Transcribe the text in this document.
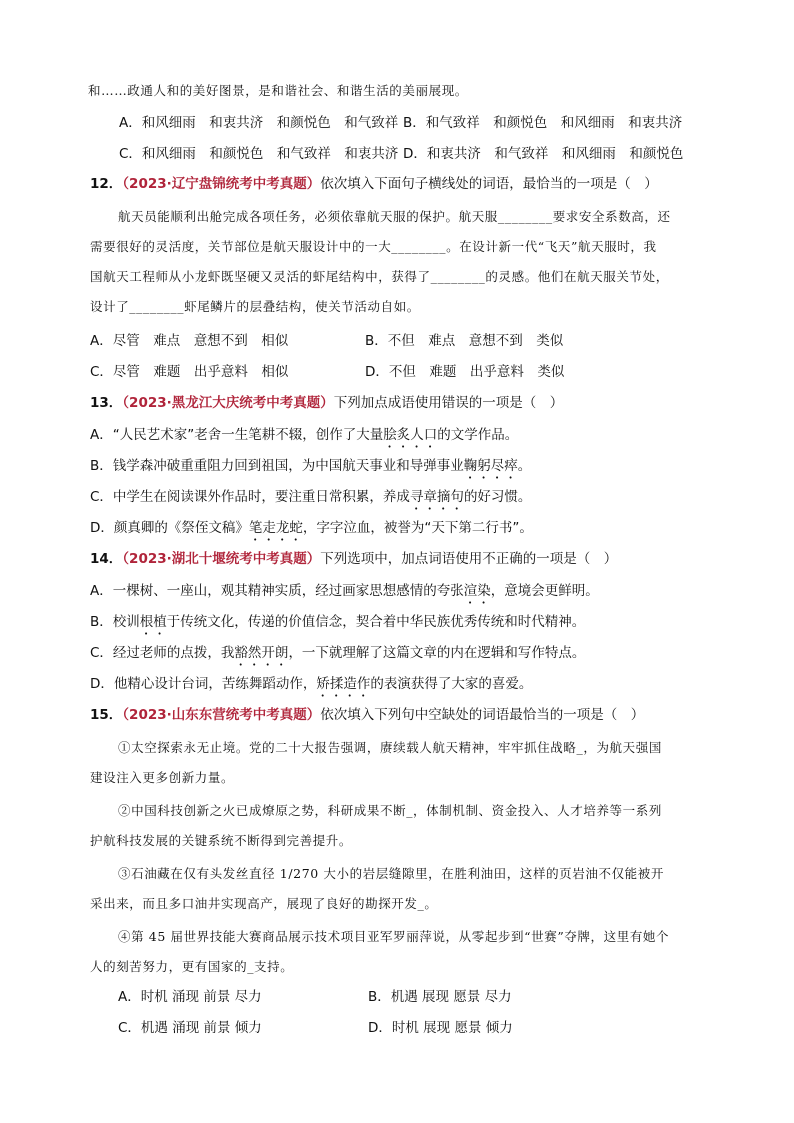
和……政通人和的美好图景，是和谐社会、和谐生活的美丽展现。
A．和风细雨　和衷共济　和颜悦色　和气致祥 B．和气致祥　和颜悦色　和风细雨　和衷共济
C．和风细雨　和颜悦色　和气致祥　和衷共济 D．和衷共济　和气致祥　和风细雨　和颜悦色
12．（2023·辽宁盘锦统考中考真题）依次填入下面句子横线处的词语，最恰当的一项是（　）
航天员能顺利出舱完成各项任务，必须依靠航天服的保护。航天服________要求安全系数高，还
需要很好的灵活度，关节部位是航天服设计中的一大________。在设计新一代“飞天”航天服时，我
国航天工程师从小龙虾既坚硬又灵活的虾尾结构中，获得了________的灵感。他们在航天服关节处，
设计了________虾尾鳞片的层叠结构，使关节活动自如。
A．尽管　难点　意想不到　相似	B．不但　难点　意想不到　类似
C．尽管　难题　出乎意料　相似	D．不但　难题　出乎意料　类似
13．（2023·黑龙江大庆统考中考真题）下列加点成语使用错误的一项是（　）
A．“人民艺术家”老舍一生笔耕不辍，创作了大量脍炙人口的文学作品。
B．钱学森冲破重重阻力回到祖国，为中国航天事业和导弹事业鞠躬尽瘁。
C．中学生在阅读课外作品时，要注重日常积累，养成寻章摘句的好习惯。
D．颜真卿的《祭侄文稿》笔走龙蛇，字字泣血，被誉为“天下第二行书”。
14．（2023·湖北十堰统考中考真题）下列选项中，加点词语使用不正确的一项是（　）
A．一棵树、一座山，观其精神实质，经过画家思想感情的夸张渲染，意境会更鲜明。
B．校训根植于传统文化，传递的价值信念，契合着中华民族优秀传统和时代精神。
C．经过老师的点拨，我豁然开朗，一下就理解了这篇文章的内在逻辑和写作特点。
D．他精心设计台词，苦练舞蹈动作，矫揉造作的表演获得了大家的喜爱。
15．（2023·山东东营统考中考真题）依次填入下列句中空缺处的词语最恰当的一项是（　）
①太空探索永无止境。党的二十大报告强调，赓续载人航天精神，牢牢抓住战略_，为航天强国
建设注入更多创新力量。
②中国科技创新之火已成燎原之势，科研成果不断_，体制机制、资金投入、人才培养等一系列
护航科技发展的关键系统不断得到完善提升。
③石油藏在仅有头发丝直径 1/270 大小的岩层缝隙里，在胜利油田，这样的页岩油不仅能被开
采出来，而且多口油井实现高产，展现了良好的勘探开发_。
④第 45 届世界技能大赛商品展示技术项目亚军罗丽萍说，从零起步到“世赛”夺牌，这里有她个
人的刻苦努力，更有国家的_支持。
A．时机 涌现 前景 尽力	B．机遇 展现 愿景 尽力
C．机遇 涌现 前景 倾力	D．时机 展现 愿景 倾力
